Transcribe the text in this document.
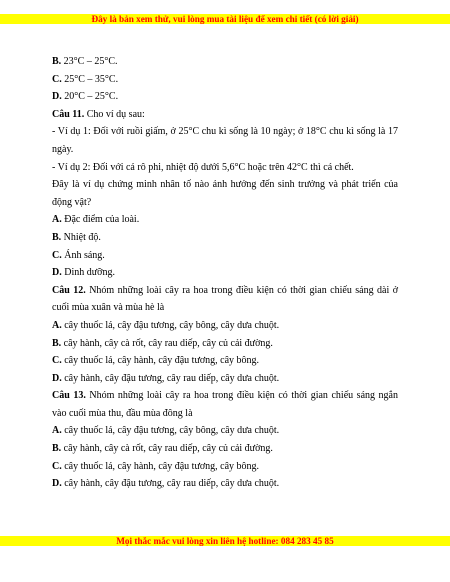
Đây là bản xem thử, vui lòng mua tài liệu để xem chi tiết (có lời giải)

B. 23°C – 25°C.

C. 25°C – 35°C.

D. 20°C – 25°C.

Câu 11. Cho ví dụ sau:

- Ví dụ 1: Đối với ruồi giấm, ở 25°C chu kì sống là 10 ngày; ở 18°C chu kì sống là 17 ngày.

- Ví dụ 2: Đối với cá rô phi, nhiệt độ dưới 5,6°C hoặc trên 42°C thì cá chết.

Đây là ví dụ chứng minh nhân tố nào ảnh hưởng đến sinh trưởng và phát triển của động vật?

A. Đặc điểm của loài.

B. Nhiệt độ.

C. Ánh sáng.

D. Dinh dưỡng.

Câu 12. Nhóm những loài cây ra hoa trong điều kiện có thời gian chiếu sáng dài ở cuối mùa xuân và mùa hè là

A. cây thuốc lá, cây đậu tương, cây bông, cây dưa chuột.

B. cây hành, cây cà rốt, cây rau diếp, cây củ cải đường.

C. cây thuốc lá, cây hành, cây đậu tương, cây bông.

D. cây hành, cây đậu tương, cây rau diếp, cây dưa chuột.

Câu 13. Nhóm những loài cây ra hoa trong điều kiện có thời gian chiếu sáng ngắn vào cuối mùa thu, đầu mùa đông là

A. cây thuốc lá, cây đậu tương, cây bông, cây dưa chuột.

B. cây hành, cây cà rốt, cây rau diếp, cây củ cải đường.

C. cây thuốc lá, cây hành, cây đậu tương, cây bông.

D. cây hành, cây đậu tương, cây rau diếp, cây dưa chuột.

Mọi thắc mắc vui lòng xin liên hệ hotline: 084 283 45 85
